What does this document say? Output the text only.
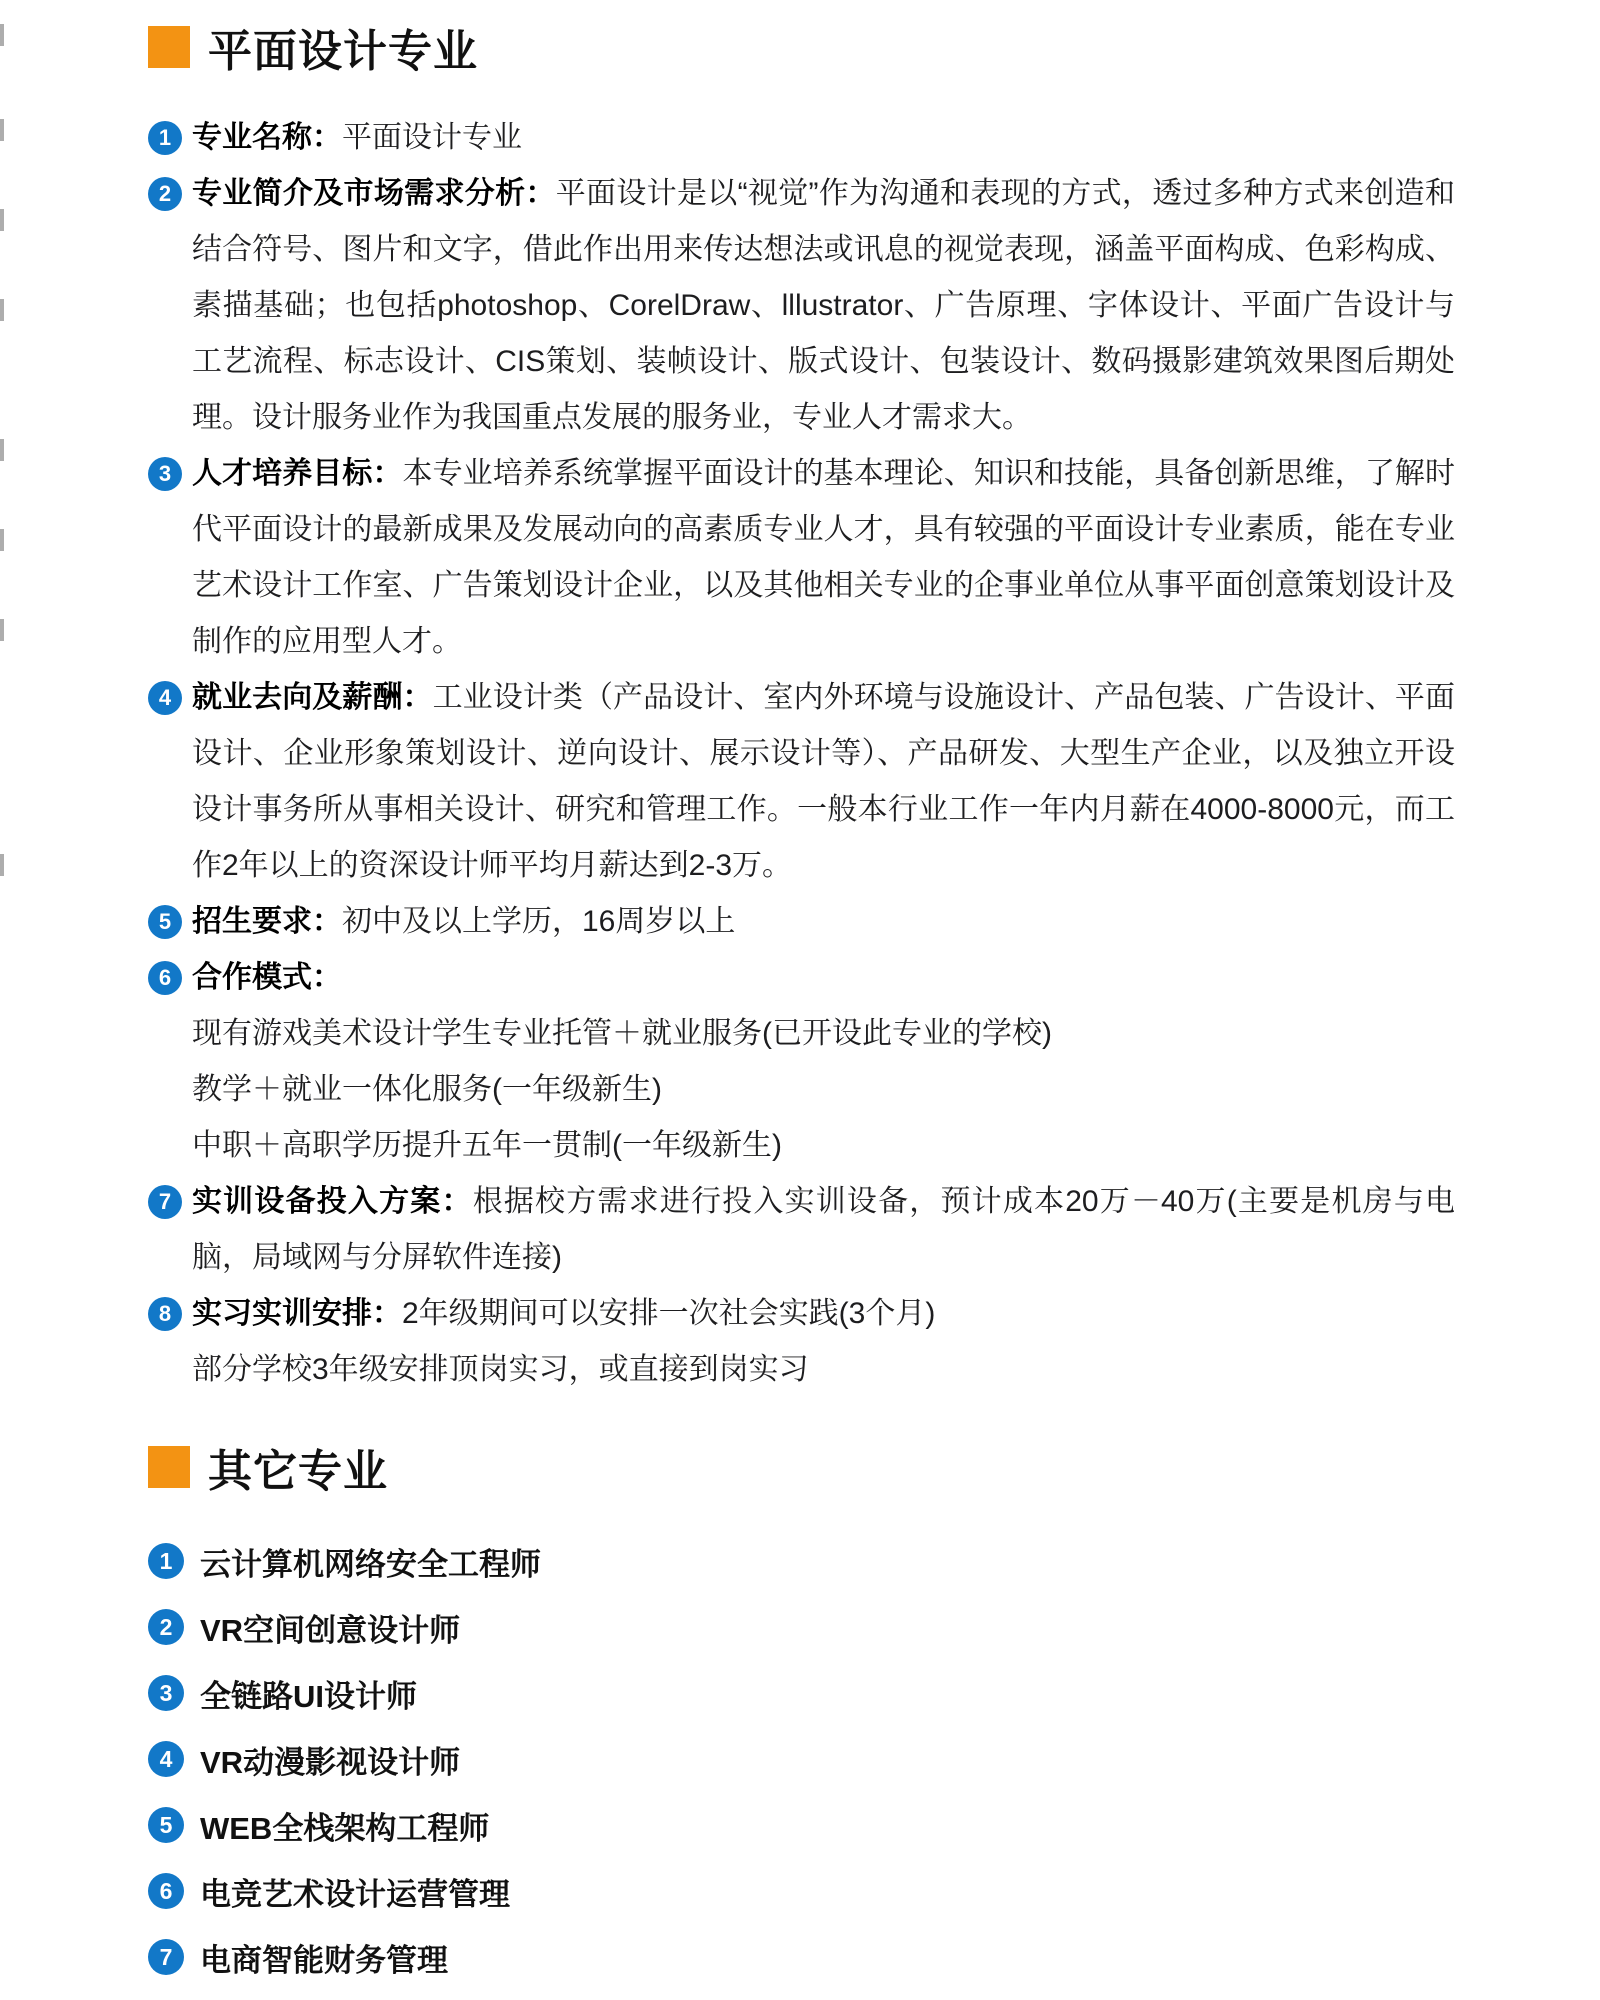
平面设计专业
1 专业名称：平面设计专业
2 专业简介及市场需求分析：平面设计是以“视觉”作为沟通和表现的方式，透过多种方式来创造和结合符号、图片和文字，借此作出用来传达想法或讯息的视觉表现，涵盖平面构成、色彩构成、素描基础；也包括photoshop、CorelDraw、lllustrator、广告原理、字体设计、平面广告设计与工艺流程、标志设计、CIS策划、装帧设计、版式设计、包装设计、数码摄影建筑效果图后期处理。设计服务业作为我国重点发展的服务业，专业人才需求大。
3 人才培养目标：本专业培养系统掌握平面设计的基本理论、知识和技能，具备创新思维，了解时代平面设计的最新成果及发展动向的高素质专业人才，具有较强的平面设计专业素质，能在专业艺术设计工作室、广告策划设计企业，以及其他相关专业的企事业单位从事平面创意策划设计及制作的应用型人才。
4 就业去向及薪酬：工业设计类（产品设计、室内外环境与设施设计、产品包装、广告设计、平面设计、企业形象策划设计、逆向设计、展示设计等）、产品研发、大型生产企业，以及独立开设设计事务所从事相关设计、研究和管理工作。一般本行业工作一年内月薪在4000-8000元，而工作2年以上的资深设计师平均月薪达到2-3万。
5 招生要求：初中及以上学历，16周岁以上
6 合作模式：
现有游戏美术设计学生专业托管＋就业服务(已开设此专业的学校)
教学＋就业一体化服务(一年级新生)
中职＋高职学历提升五年一贯制(一年级新生)
7 实训设备投入方案：根据校方需求进行投入实训设备，预计成本20万－40万(主要是机房与电脑，局域网与分屏软件连接)
8 实习实训安排：2年级期间可以安排一次社会实践(3个月)
部分学校3年级安排顶岗实习，或直接到岗实习
其它专业
1 云计算机网络安全工程师
2 VR空间创意设计师
3 全链路UI设计师
4 VR动漫影视设计师
5 WEB全栈架构工程师
6 电竞艺术设计运营管理
7 电商智能财务管理
